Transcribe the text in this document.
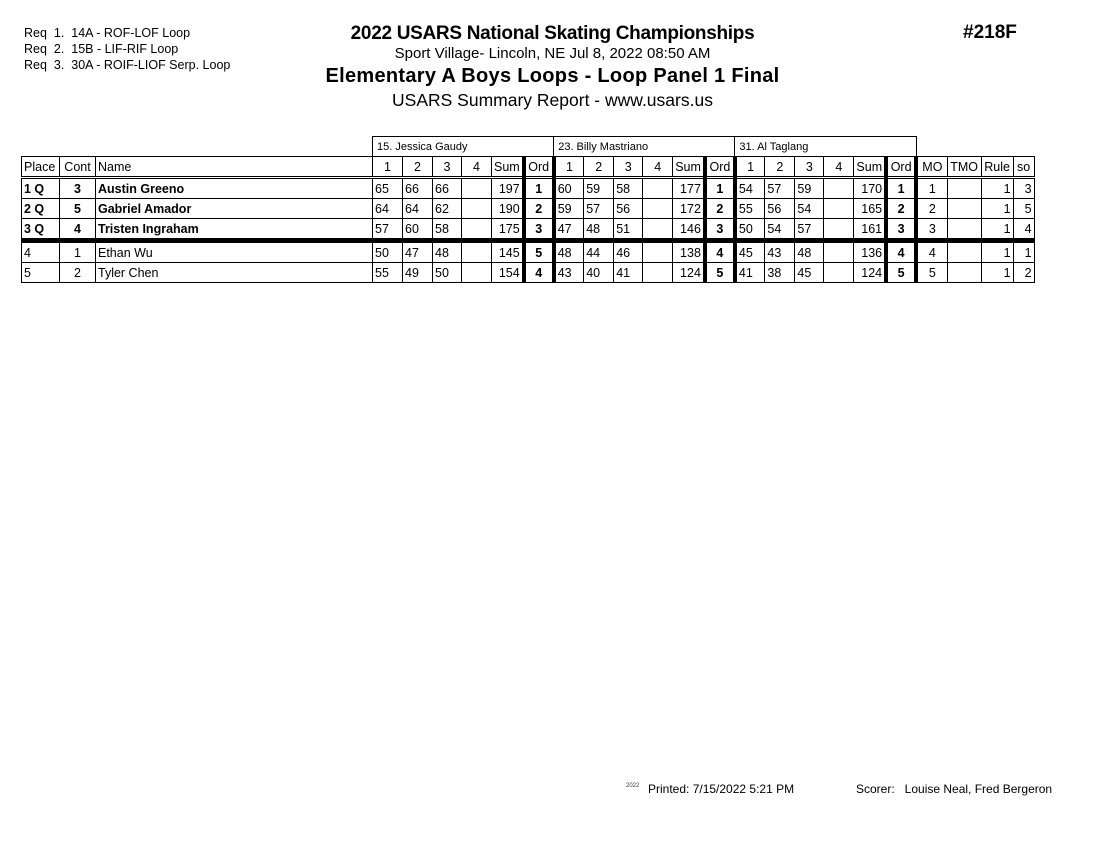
Req  1.  14A - ROF-LOF Loop
Req  2.  15B - LIF-RIF Loop
Req  3.  30A - ROIF-LIOF Serp. Loop
2022 USARS National Skating Championships
Sport Village- Lincoln, NE Jul 8, 2022 08:50 AM
Elementary A Boys Loops - Loop Panel 1 Final
USARS Summary Report - www.usars.us
#218F
			15. Jessica Gaudy						23. Billy Mastriano						31. Al Taglang									
Place	Cont	Name	1	2	3	4	Sum	Ord	1	2	3	4	Sum	Ord	1	2	3	4	Sum	Ord	MO	TMO	Rule	so
1 Q	3	Austin Greeno	65	66	66		197	1	60	59	58		177	1	54	57	59		170	1	1		1	3
2 Q	5	Gabriel Amador	64	64	62		190	2	59	57	56		172	2	55	56	54		165	2	2		1	5
3 Q	4	Tristen Ingraham	57	60	58		175	3	47	48	51		146	3	50	54	57		161	3	3		1	4
4	1	Ethan Wu	50	47	48		145	5	48	44	46		138	4	45	43	48		136	4	4		1	1
5	2	Tyler Chen	55	49	50		154	4	43	40	41		124	5	41	38	45		124	5	5		1	2
2022 Printed: 7/15/2022 5:21 PM	Scorer:   Louise Neal, Fred Bergeron
